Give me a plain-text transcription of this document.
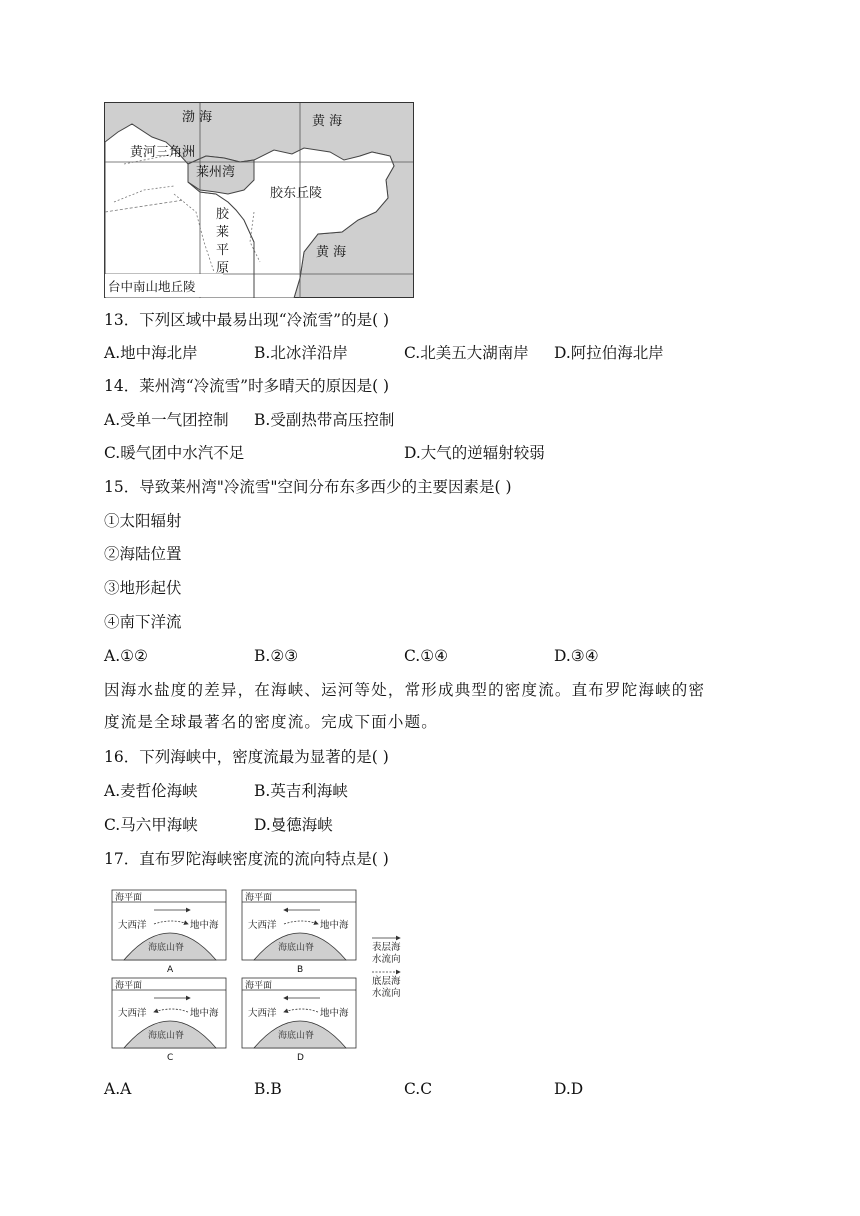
渤 海	黄 海
黄河三角洲
莱州湾
胶东丘陵
胶
莱
平
原
黄 海
台中南山地丘陵
13．下列区域中最易出现“冷流雪”的是( )
A.地中海北岸	B.北冰洋沿岸	C.北美五大湖南岸 D.阿拉伯海北岸
14．莱州湾“冷流雪”时多晴天的原因是( )
A.受单一气团控制 B.受副热带高压控制
C.暖气团中水汽不足	D.大气的逆辐射较弱
15．导致莱州湾"冷流雪"空间分布东多西少的主要因素是( )
①太阳辐射
②海陆位置
③地形起伏
④南下洋流
A.①②	B.②③	C.①④	D.③④
因海水盐度的差异，在海峡、运河等处，常形成典型的密度流。直布罗陀海峡的密
度流是全球最著名的密度流。完成下面小题。
16．下列海峡中，密度流最为显著的是( )
A.麦哲伦海峡	B.英吉利海峡
C.马六甲海峡	D.曼德海峡
17．直布罗陀海峡密度流的流向特点是( )
海平面
大西洋	地中海
海底山脊
A
海平面
大西洋	地中海
海底山脊
B
海平面
大西洋	地中海
海底山脊
C
海平面
大西洋	地中海
海底山脊
D
表层海
水流向
底层海
水流向
A.A	B.B	C.C	D.D
